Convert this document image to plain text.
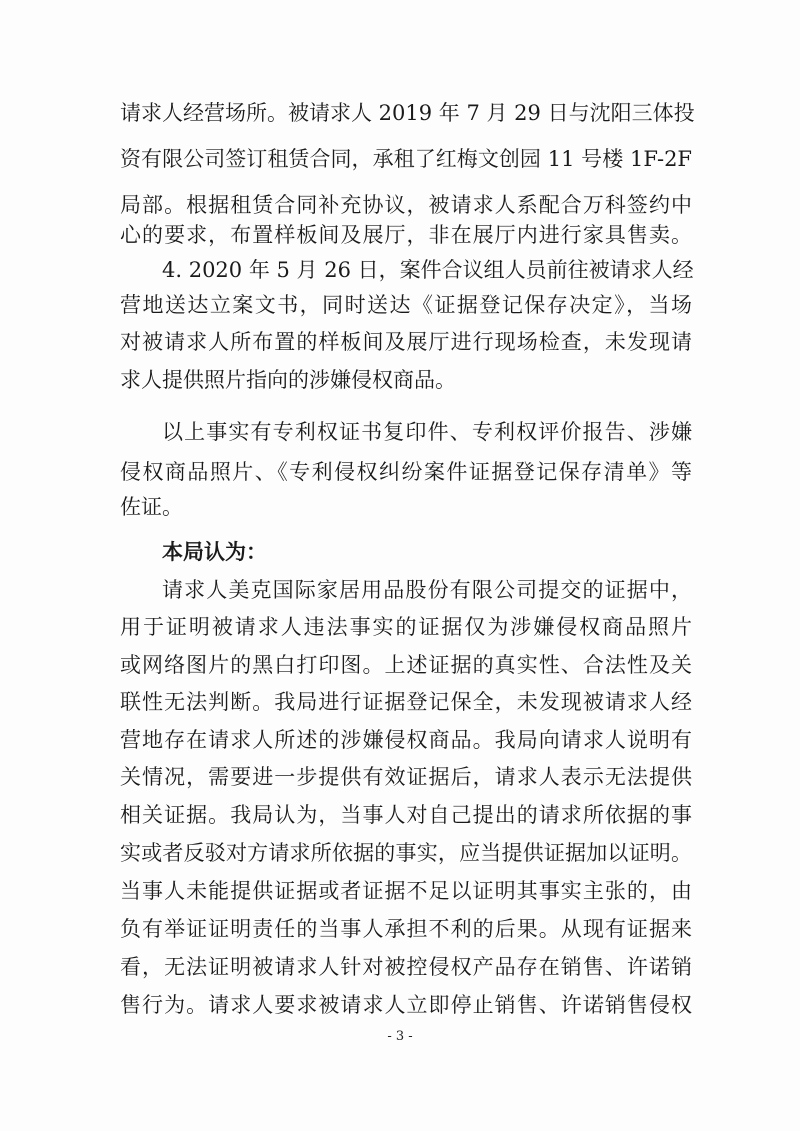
请求人经营场所。被请求人 2019 年 7 月 29 日与沈阳三体投
资有限公司签订租赁合同，承租了红梅文创园 11 号楼 1F-2F
局部。根据租赁合同补充协议，被请求人系配合万科签约中
心的要求，布置样板间及展厅，非在展厅内进行家具售卖。
4. 2020 年 5 月 26 日，案件合议组人员前往被请求人经
营地送达立案文书，同时送达《证据登记保存决定》，当场
对被请求人所布置的样板间及展厅进行现场检查，未发现请
求人提供照片指向的涉嫌侵权商品。
以上事实有专利权证书复印件、专利权评价报告、涉嫌
侵权商品照片、《专利侵权纠纷案件证据登记保存清单》等
佐证。
本局认为：
请求人美克国际家居用品股份有限公司提交的证据中，
用于证明被请求人违法事实的证据仅为涉嫌侵权商品照片
或网络图片的黑白打印图。上述证据的真实性、合法性及关
联性无法判断。我局进行证据登记保全，未发现被请求人经
营地存在请求人所述的涉嫌侵权商品。我局向请求人说明有
关情况，需要进一步提供有效证据后，请求人表示无法提供
相关证据。我局认为，当事人对自己提出的请求所依据的事
实或者反驳对方请求所依据的事实，应当提供证据加以证明。
当事人未能提供证据或者证据不足以证明其事实主张的，由
负有举证证明责任的当事人承担不利的后果。从现有证据来
看，无法证明被请求人针对被控侵权产品存在销售、许诺销
售行为。请求人要求被请求人立即停止销售、许诺销售侵权
- 3 -
